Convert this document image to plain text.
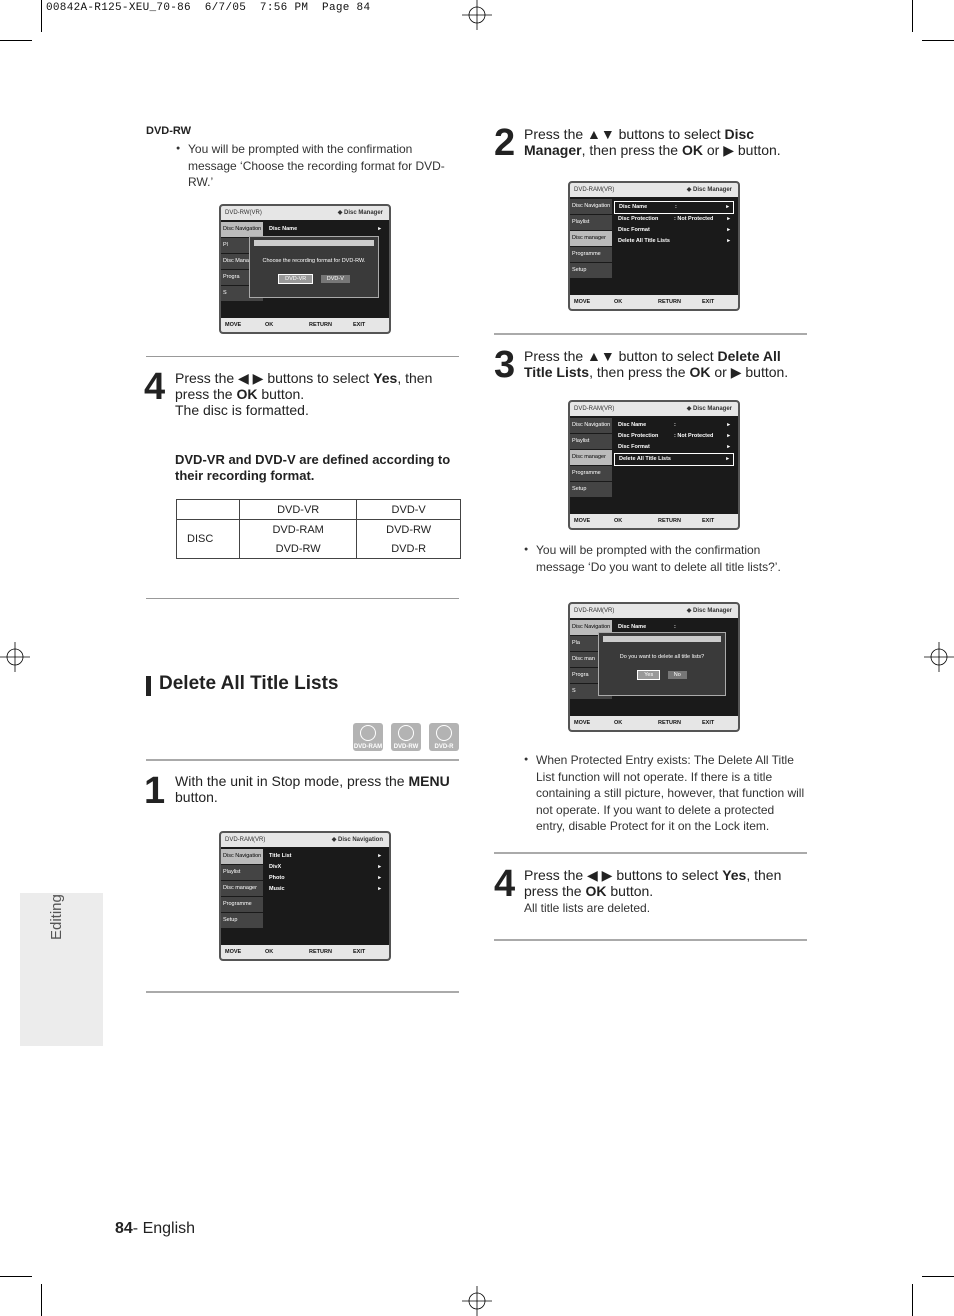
00842A-R125-XEU_70-86  6/7/05  7:56 PM  Page 84
DVD-RW
● You will be prompted with the confirmation message ‘Choose the recording format for DVD- RW.’
DVD-RW(VR)	◆ Disc Manager
Disc Navigation
Pl
Disc Mana
Progra
S
Disc Name	▸
Choose the recording format for DVD-RW.
DVD-VR	DVD-V
MOVE	OK	RETURN	EXIT
4 Press the ◀ ▶ buttons to select Yes, then press the OK button.
The disc is formatted.
DVD-VR and DVD-V are defined according to their recording format.
	DVD-VR	DVD-V
DISC	DVD-RAM	DVD-RW
	DVD-RW	DVD-R
Delete All Title Lists
DVD-RAM	DVD-RW	DVD-R
1 With the unit in Stop mode, press the MENU button.
DVD-RAM(VR)	◆ Disc Navigation
Disc Navigation
Playlist
Disc manager
Programme
Setup
Title List	▸
DivX	▸
Photo	▸
Music	▸
MOVE	OK	RETURN	EXIT
Editing
84- English
2 Press the ▲▼ buttons to select Disc Manager, then press the OK or ▶ button.
DVD-RAM(VR)	◆ Disc Manager
Disc Navigation
Playlist
Disc manager
Programme
Setup
Disc Name	:	▸
Disc Protection	: Not Protected	▸
Disc Format	▸
Delete All Title Lists	▸
MOVE	OK	RETURN	EXIT
3 Press the ▲▼ button to select Delete All Title Lists, then press the OK or ▶ button.
DVD-RAM(VR)	◆ Disc Manager
Disc Navigation
Playlist
Disc manager
Programme
Setup
Disc Name	:	▸
Disc Protection	: Not Protected	▸
Disc Format	▸
Delete All Title Lists	▸
MOVE	OK	RETURN	EXIT
● You will be prompted with the confirmation message ‘Do you want to delete all title lists?’.
DVD-RAM(VR)	◆ Disc Manager
Disc Navigation
Pla
Disc man
Progra
S
Disc Name	:
Do you want to delete all title lists?
Yes	No
MOVE	OK	RETURN	EXIT
● When Protected Entry exists: The Delete All Title List function will not operate. If there is a title containing a still picture, however, that function will not operate. If you want to delete a protected entry, disable Protect for it on the Lock item.
4 Press the ◀ ▶ buttons to select Yes, then press the OK button.
All title lists are deleted.
